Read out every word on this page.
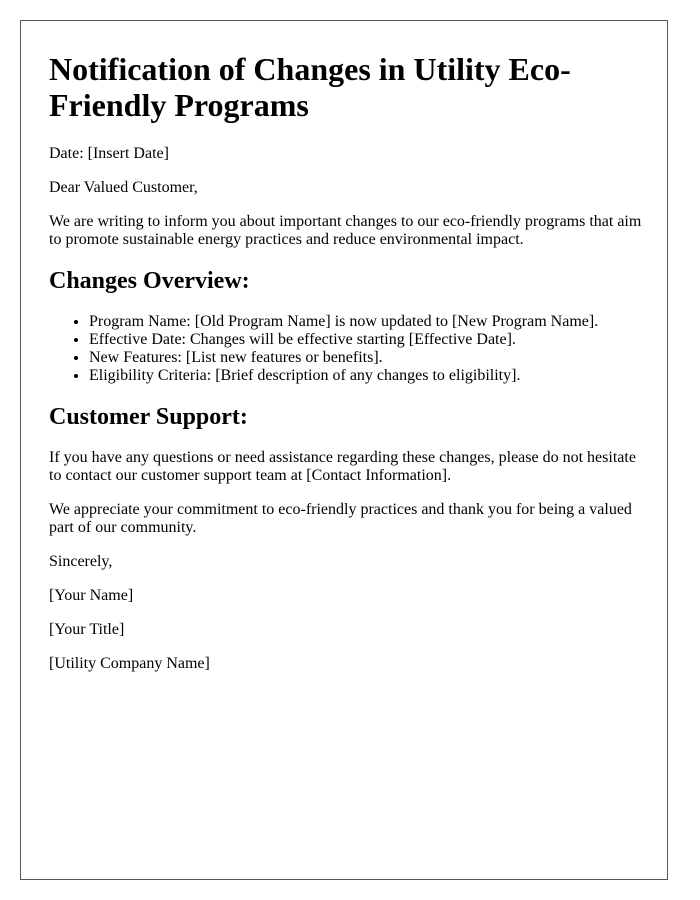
Notification of Changes in Utility Eco-Friendly Programs

Date: [Insert Date]

Dear Valued Customer,

We are writing to inform you about important changes to our eco-friendly programs that aim to promote sustainable energy practices and reduce environmental impact.

Changes Overview:
• Program Name: [Old Program Name] is now updated to [New Program Name].
• Effective Date: Changes will be effective starting [Effective Date].
• New Features: [List new features or benefits].
• Eligibility Criteria: [Brief description of any changes to eligibility].
Customer Support:

If you have any questions or need assistance regarding these changes, please do not hesitate to contact our customer support team at [Contact Information].

We appreciate your commitment to eco-friendly practices and thank you for being a valued part of our community.

Sincerely,

[Your Name]

[Your Title]

[Utility Company Name]
